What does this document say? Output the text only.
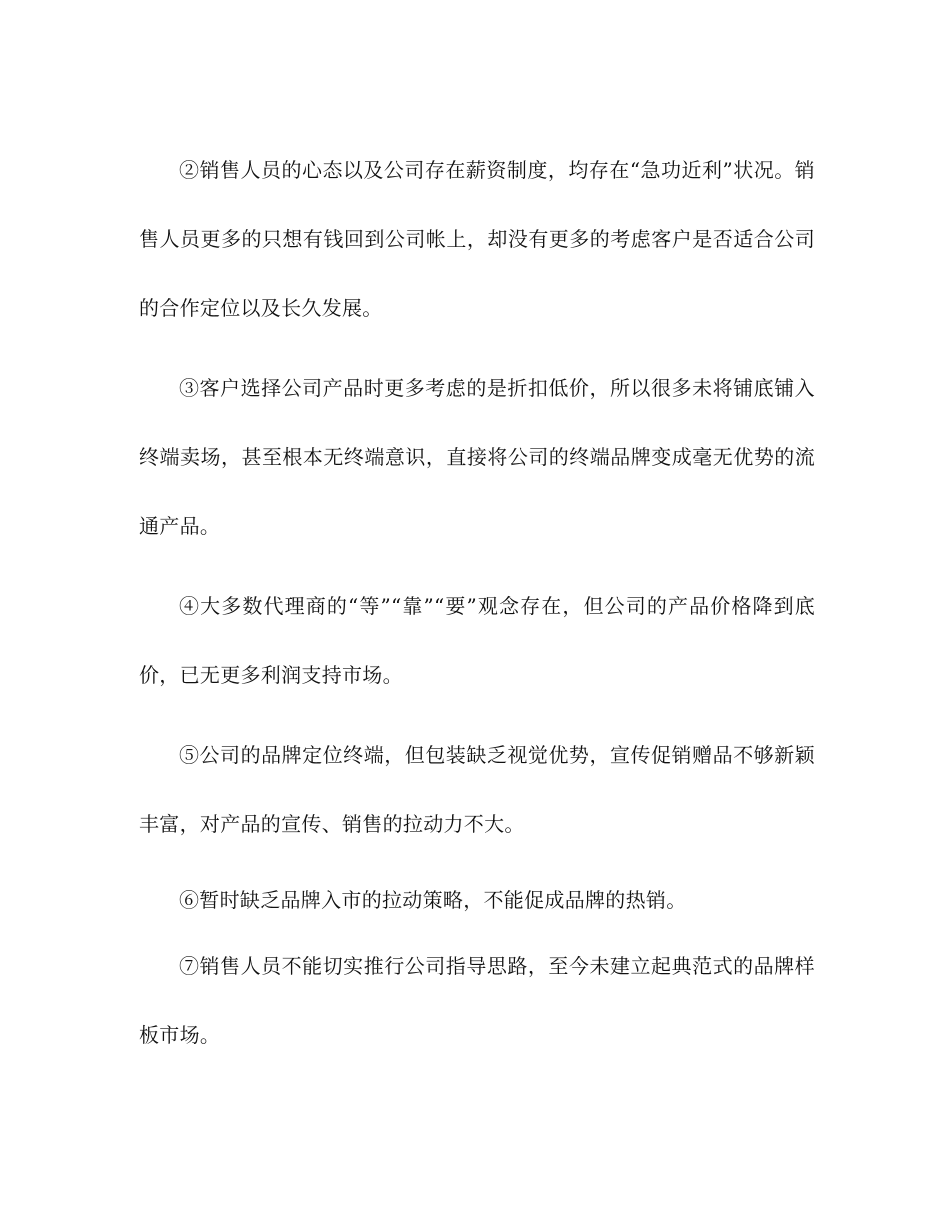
②销售人员的心态以及公司存在薪资制度，均存在“急功近利”状况。销售人员更多的只想有钱回到公司帐上，却没有更多的考虑客户是否适合公司的合作定位以及长久发展。

③客户选择公司产品时更多考虑的是折扣低价，所以很多未将铺底铺入终端卖场，甚至根本无终端意识，直接将公司的终端品牌变成毫无优势的流通产品。

④大多数代理商的“等”“靠”“要”观念存在，但公司的产品价格降到底价，已无更多利润支持市场。

⑤公司的品牌定位终端，但包装缺乏视觉优势，宣传促销赠品不够新颖丰富，对产品的宣传、销售的拉动力不大。

⑥暂时缺乏品牌入市的拉动策略，不能促成品牌的热销。

⑦销售人员不能切实推行公司指导思路，至今未建立起典范式的品牌样板市场。
